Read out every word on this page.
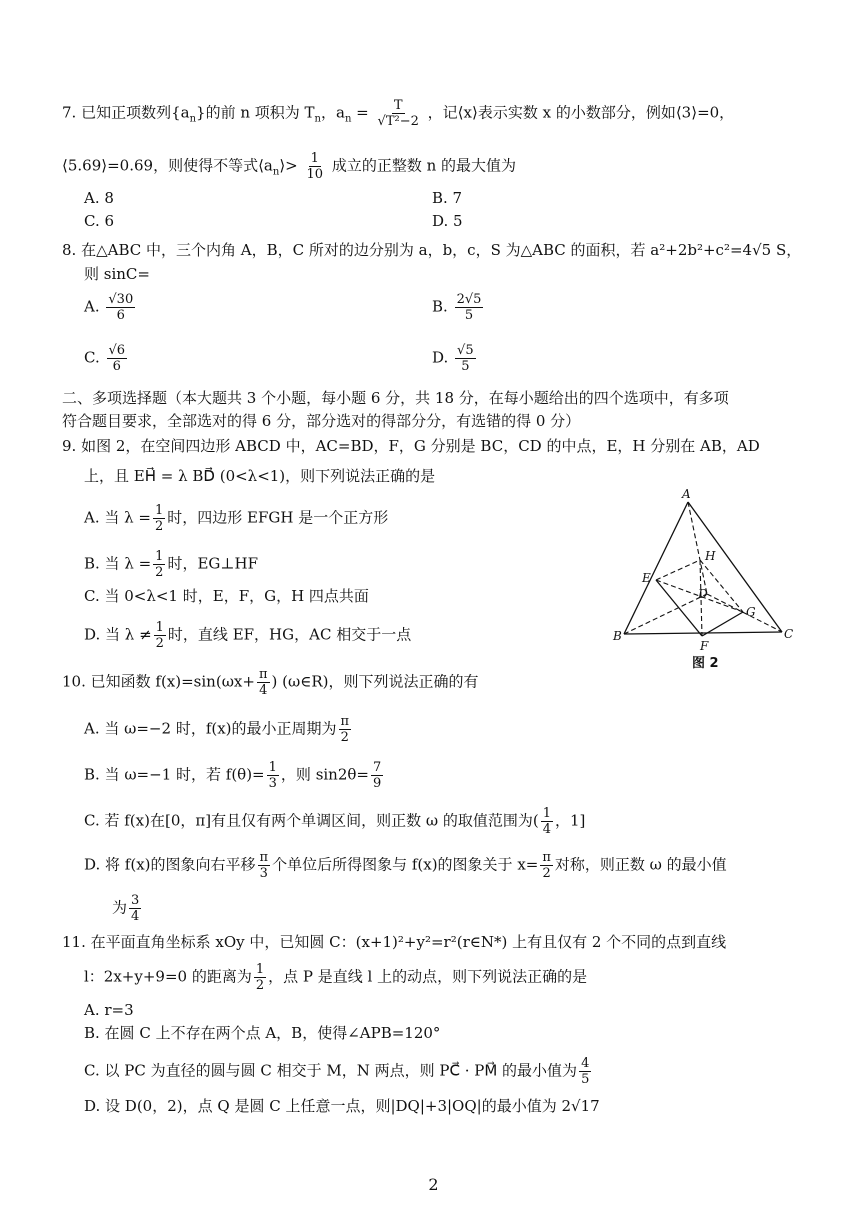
7. 已知正项数列$\{a_n\}$的前 n 项积为 $T_n$，$a_n = \frac{T}{\text{√T²−2}}$ ，记⟨x⟩表示实数 x 的小数部分，例如⟨3⟩=0，
⟨5.69⟩=0.69，则使得不等式$⟨a_n⟩> \frac{1}{10}$ 成立的正整数 n 的最大值为
A. 8	B. 7
C. 6	D. 5
8. 在△ABC 中，三个内角 A，B，C 所对的边分别为 a，b，c，S 为△ABC 的面积，若 a²+2b²+c²=4√5 S，
则 sinC=
A. $\frac{√30}{6}$	B. $\frac{2√5}{5}$
C. $\frac{√6}{6}$	D. $\frac{√5}{5}$
二、多项选择题（本大题共 3 个小题，每小题 6 分，共 18 分，在每小题给出的四个选项中，有多项
符合题目要求，全部选对的得 6 分，部分选对的得部分分，有选错的得 0 分）
9. 如图 2，在空间四边形 ABCD 中，AC=BD，F，G 分别是 BC，CD 的中点，E，H 分别在 AB，AD
上，且 EH⃗ = λ BD⃗ (0<λ<1)，则下列说法正确的是
A. 当 $\lambda = \frac{1}{2}$ 时，四边形 EFGH 是一个正方形
B. 当 $\lambda = \frac{1}{2}$ 时，EG⊥HF
C. 当 0<λ<1 时，E，F，G，H 四点共面
D. 当 $\lambda \ne \frac{1}{2}$ 时，直线 EF，HG，AC 相交于一点
A
B	C
D
E
F
G
H
图 2
10. 已知函数 $f(x)=\sin(\omega x+ \frac{\pi}{4}$ ) (ω∈R)，则下列说法正确的有
A. 当 ω=−2 时，f(x)的最小正周期为 $\frac{\pi}{2}$
B. 当 ω=−1 时，若 $f(\theta)= \frac{1}{3}$ ，则 $\sin 2\theta= \frac{7}{9}$
C. 若 f(x)在[0，π]有且仅有两个单调区间，则正数 ω 的取值范围为( $\frac{1}{4}$ ，1]
D. 将 f(x)的图象向右平移 $\frac{\pi}{3}$ 个单位后所得图象与 f(x)的图象关于 $x= \frac{\pi}{2}$ 对称，则正数 ω 的最小值
为 $\frac{3}{4}$
11. 在平面直角坐标系 xOy 中，已知圆 C：(x+1)²+y²=r²(r∈N*) 上有且仅有 2 个不同的点到直线
l：2x+y+9=0 的距离为 $\frac{1}{2}$ ，点 P 是直线 l 上的动点，则下列说法正确的是
A. r=3
B. 在圆 C 上不存在两个点 A，B，使得∠APB=120°
C. 以 PC 为直径的圆与圆 C 相交于 M，N 两点，则 PC⃗ · PM⃗ 的最小值为 $\frac{4}{5}$
D. 设 D(0，2)，点 Q 是圆 C 上任意一点，则|DQ|+3|OQ|的最小值为 2√17
2
